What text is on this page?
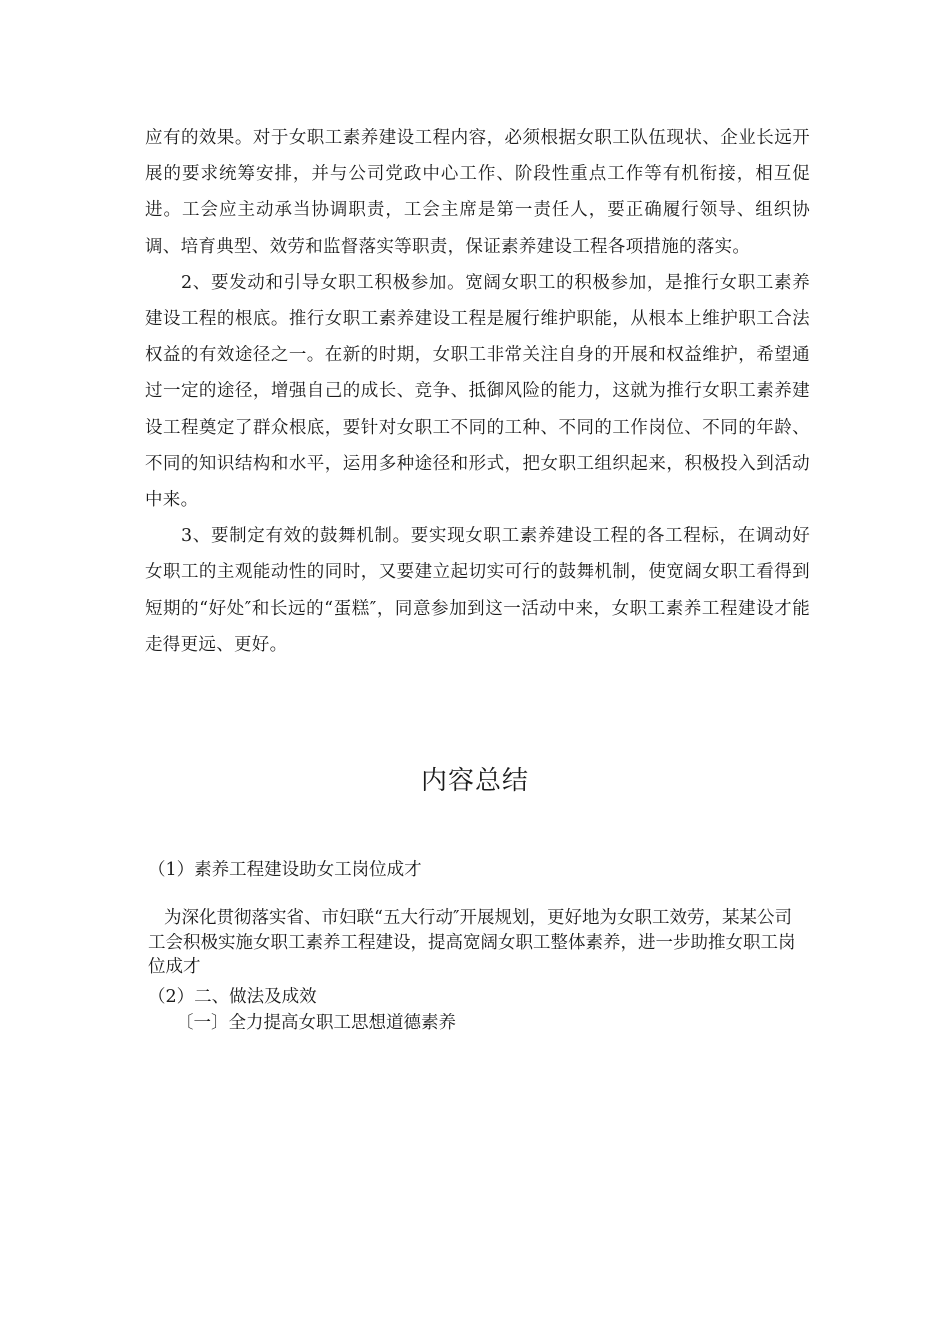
应有的效果。对于女职工素养建设工程内容，必须根据女职工队伍现状、企业长远开展的要求统筹安排，并与公司党政中心工作、阶段性重点工作等有机衔接，相互促进。工会应主动承当协调职责，工会主席是第一责任人，要正确履行领导、组织协调、培育典型、效劳和监督落实等职责，保证素养建设工程各项措施的落实。

2、要发动和引导女职工积极参加。宽阔女职工的积极参加，是推行女职工素养建设工程的根底。推行女职工素养建设工程是履行维护职能，从根本上维护职工合法权益的有效途径之一。在新的时期，女职工非常关注自身的开展和权益维护，希望通过一定的途径，增强自己的成长、竞争、抵御风险的能力，这就为推行女职工素养建设工程奠定了群众根底，要针对女职工不同的工种、不同的工作岗位、不同的年龄、不同的知识结构和水平，运用多种途径和形式，把女职工组织起来，积极投入到活动中来。

3、要制定有效的鼓舞机制。要实现女职工素养建设工程的各工程标，在调动好女职工的主观能动性的同时，又要建立起切实可行的鼓舞机制，使宽阔女职工看得到短期的“好处″和长远的“蛋糕″，同意参加到这一活动中来，女职工素养工程建设才能走得更远、更好。

内容总结

（1）素养工程建设助女工岗位成才

为深化贯彻落实省、市妇联“五大行动″开展规划，更好地为女职工效劳，某某公司工会积极实施女职工素养工程建设，提高宽阔女职工整体素养，进一步助推女职工岗位成才

（2）二、做法及成效

〔一〕全力提高女职工思想道德素养
